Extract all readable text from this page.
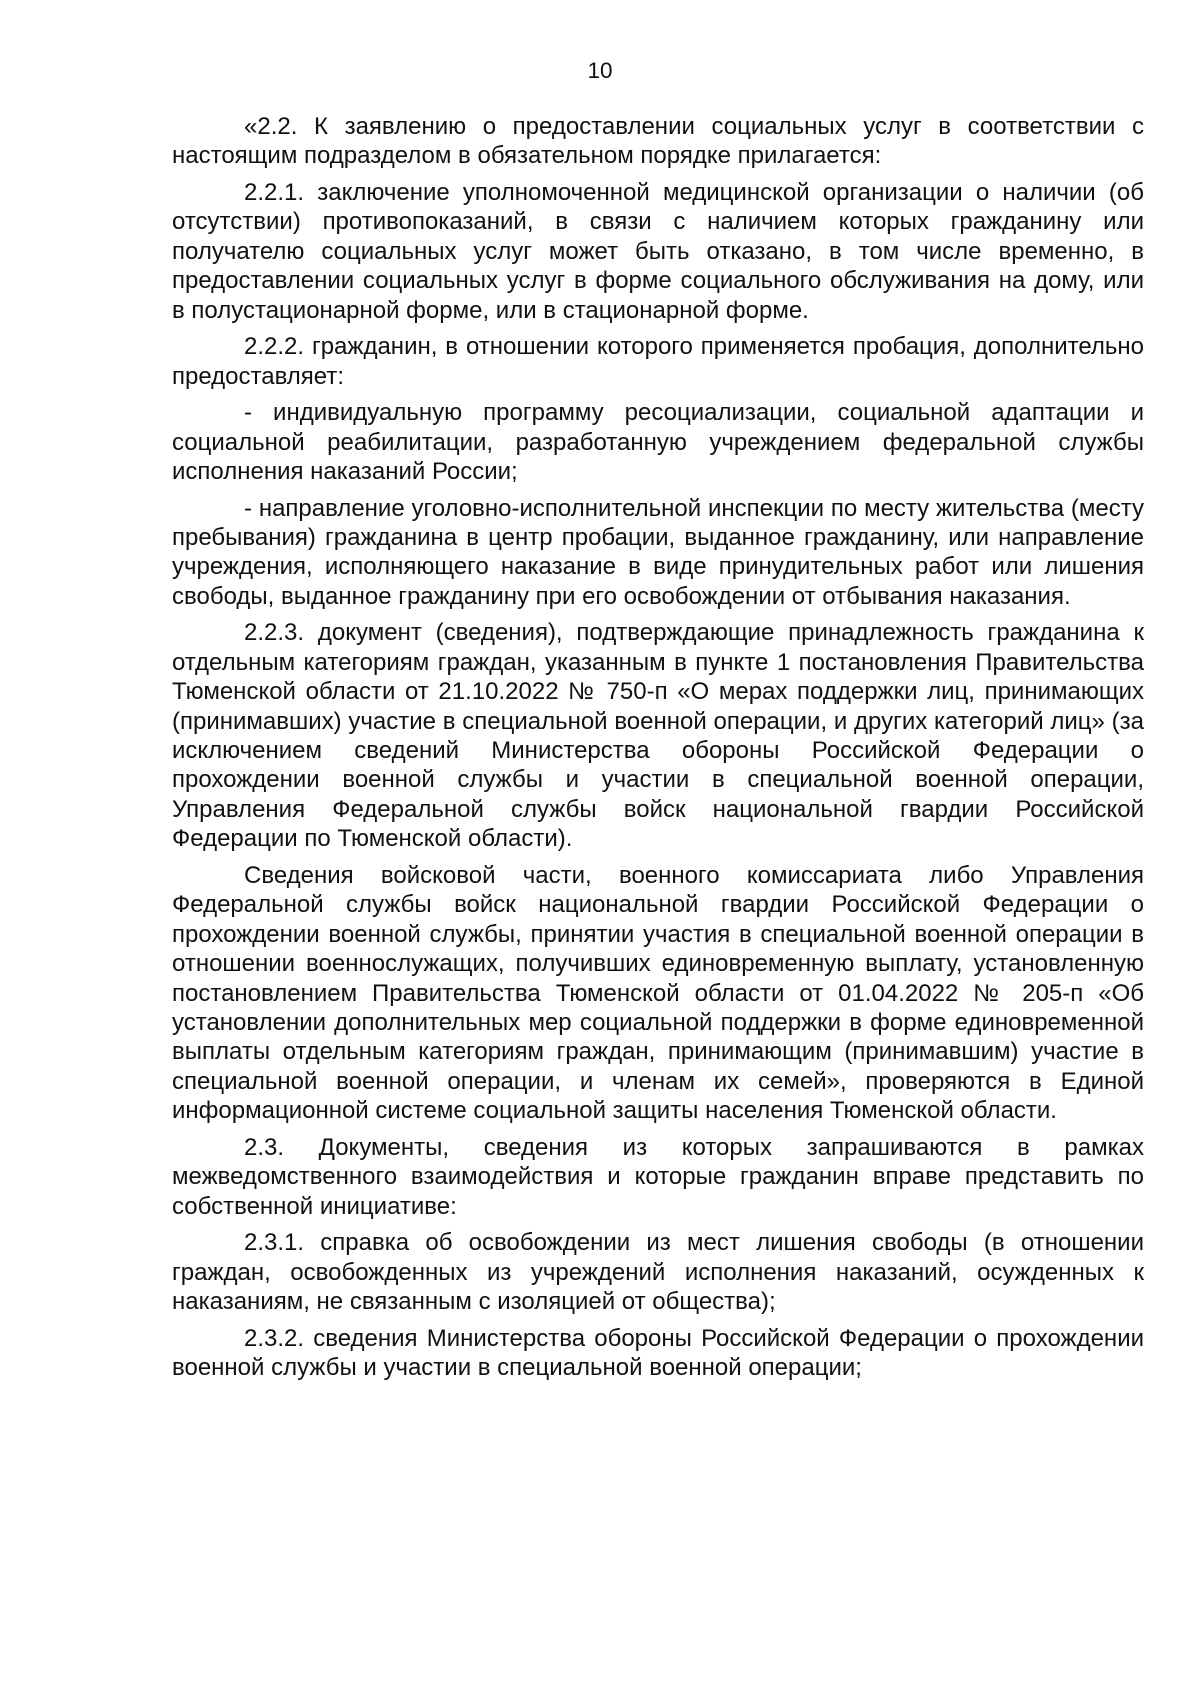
10

«2.2. К заявлению о предоставлении социальных услуг в соответствии с настоящим подразделом в обязательном порядке прилагается:

2.2.1. заключение уполномоченной медицинской организации о наличии (об отсутствии) противопоказаний, в связи с наличием которых гражданину или получателю социальных услуг может быть отказано, в том числе временно, в предоставлении социальных услуг в форме социального обслуживания на дому, или в полустационарной форме, или в стационарной форме.

2.2.2. гражданин, в отношении которого применяется пробация, дополнительно предоставляет:

- индивидуальную программу ресоциализации, социальной адаптации и социальной реабилитации, разработанную учреждением федеральной службы исполнения наказаний России;

- направление уголовно-исполнительной инспекции по месту жительства (месту пребывания) гражданина в центр пробации, выданное гражданину, или направление учреждения, исполняющего наказание в виде принудительных работ или лишения свободы, выданное гражданину при его освобождении от отбывания наказания.

2.2.3. документ (сведения), подтверждающие принадлежность гражданина к отдельным категориям граждан, указанным в пункте 1 постановления Правительства Тюменской области от 21.10.2022 № 750-п «О мерах поддержки лиц, принимающих (принимавших) участие в специальной военной операции, и других категорий лиц» (за исключением сведений Министерства обороны Российской Федерации о прохождении военной службы и участии в специальной военной операции, Управления Федеральной службы войск национальной гвардии Российской Федерации по Тюменской области).

Сведения войсковой части, военного комиссариата либо Управления Федеральной службы войск национальной гвардии Российской Федерации о прохождении военной службы, принятии участия в специальной военной операции в отношении военнослужащих, получивших единовременную выплату, установленную постановлением Правительства Тюменской области от 01.04.2022 № 205-п «Об установлении дополнительных мер социальной поддержки в форме единовременной выплаты отдельным категориям граждан, принимающим (принимавшим) участие в специальной военной операции, и членам их семей», проверяются в Единой информационной системе социальной защиты населения Тюменской области.

2.3. Документы, сведения из которых запрашиваются в рамках межведомственного взаимодействия и которые гражданин вправе представить по собственной инициативе:

2.3.1. справка об освобождении из мест лишения свободы (в отношении граждан, освобожденных из учреждений исполнения наказаний, осужденных к наказаниям, не связанным с изоляцией от общества);

2.3.2. сведения Министерства обороны Российской Федерации о прохождении военной службы и участии в специальной военной операции;
